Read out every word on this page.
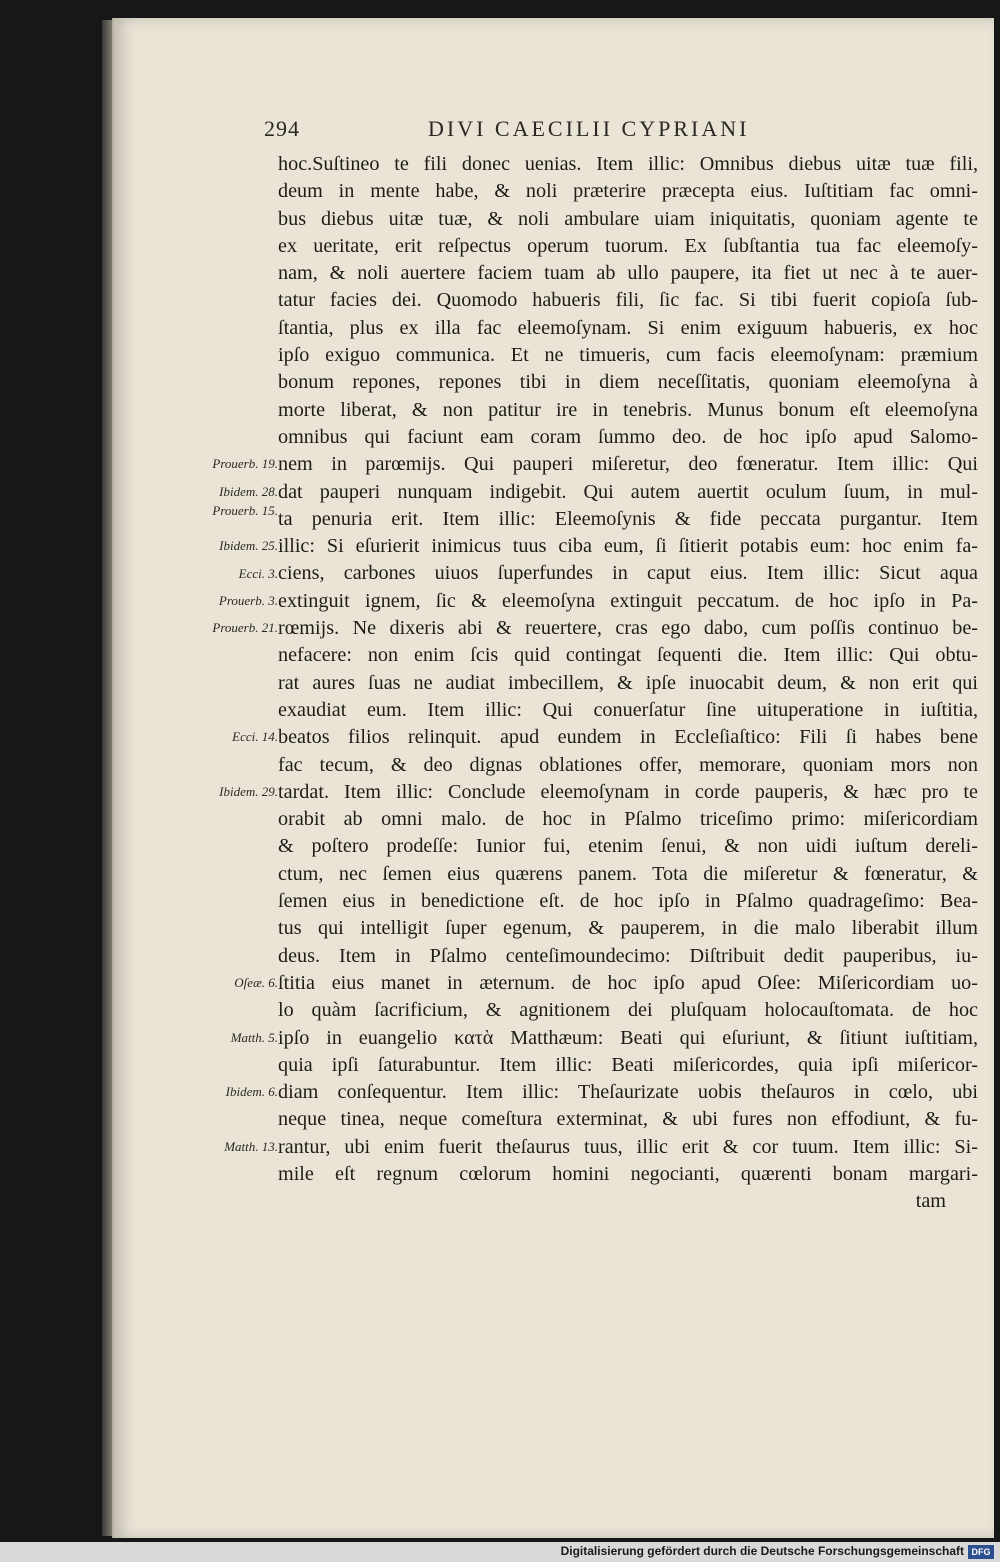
294	DIVI CAECILII CYPRIANI
Prouerb. 19.
Ibidem. 28.
Prouerb. 15.
Ibidem. 25.
Ecci. 3.
Prouerb. 3.
Prouerb. 21.
Ecci. 14.
Ibidem. 29.
Oſeæ. 6.
Matth. 5.
Ibidem. 6.
Matth. 13.
hoc.Suſtineo te fili donec uenias. Item illic: Omnibus diebus uitæ tuæ fili,
deum in mente habe, & noli præterire præcepta eius. Iuſtitiam fac omni-
bus diebus uitæ tuæ, & noli ambulare uiam iniquitatis, quoniam agente te
ex ueritate, erit reſpectus operum tuorum. Ex ſubſtantia tua fac eleemoſy-
nam, & noli auertere faciem tuam ab ullo paupere, ita fiet ut nec à te auer-
tatur facies dei. Quomodo habueris fili, ſic fac. Si tibi fuerit copioſa ſub-
ſtantia, plus ex illa fac eleemoſynam. Si enim exiguum habueris, ex hoc
ipſo exiguo communica. Et ne timueris, cum facis eleemoſynam: præmium
bonum repones, repones tibi in diem neceſſitatis, quoniam eleemoſyna à
morte liberat, & non patitur ire in tenebris. Munus bonum eſt eleemoſyna
omnibus qui faciunt eam coram ſummo deo. de hoc ipſo apud Salomo-
nem in parœmijs. Qui pauperi miſeretur, deo fœneratur. Item illic: Qui
dat pauperi nunquam indigebit. Qui autem auertit oculum ſuum, in mul-
ta penuria erit. Item illic: Eleemoſynis & fide peccata purgantur. Item
illic: Si eſurierit inimicus tuus ciba eum, ſi ſitierit potabis eum: hoc enim fa-
ciens, carbones uiuos ſuperfundes in caput eius. Item illic: Sicut aqua
extinguit ignem, ſic & eleemoſyna extinguit peccatum. de hoc ipſo in Pa-
rœmijs. Ne dixeris abi & reuertere, cras ego dabo, cum poſſis continuo be-
nefacere: non enim ſcis quid contingat ſequenti die. Item illic: Qui obtu-
rat aures ſuas ne audiat imbecillem, & ipſe inuocabit deum, & non erit qui
exaudiat eum. Item illic: Qui conuerſatur ſine uituperatione in iuſtitia,
beatos filios relinquit. apud eundem in Eccleſiaſtico: Fili ſi habes bene
fac tecum, & deo dignas oblationes offer, memorare, quoniam mors non
tardat. Item illic: Conclude eleemoſynam in corde pauperis, & hæc pro te
orabit ab omni malo. de hoc in Pſalmo triceſimo primo: miſericordiam
& poſtero prodeſſe: Iunior fui, etenim ſenui, & non uidi iuſtum dereli-
ctum, nec ſemen eius quærens panem. Tota die miſeretur & fœneratur, &
ſemen eius in benedictione eſt. de hoc ipſo in Pſalmo quadrageſimo: Bea-
tus qui intelligit ſuper egenum, & pauperem, in die malo liberabit illum
deus. Item in Pſalmo centeſimoundecimo: Diſtribuit dedit pauperibus, iu-
ſtitia eius manet in æternum. de hoc ipſo apud Oſee: Miſericordiam uo-
lo quàm ſacrificium, & agnitionem dei pluſquam holocauſtomata. de hoc
ipſo in euangelio κατὰ Matthæum: Beati qui eſuriunt, & ſitiunt iuſtitiam,
quia ipſi ſaturabuntur. Item illic: Beati miſericordes, quia ipſi miſericor-
diam conſequentur. Item illic: Theſaurizate uobis theſauros in cœlo, ubi
neque tinea, neque comeſtura exterminat, & ubi fures non effodiunt, & fu-
rantur, ubi enim fuerit theſaurus tuus, illic erit & cor tuum. Item illic: Si-
mile eſt regnum cœlorum homini negocianti, quærenti bonam margari-
tam
Digitalisierung gefördert durch die Deutsche Forschungsgemeinschaft DFG
